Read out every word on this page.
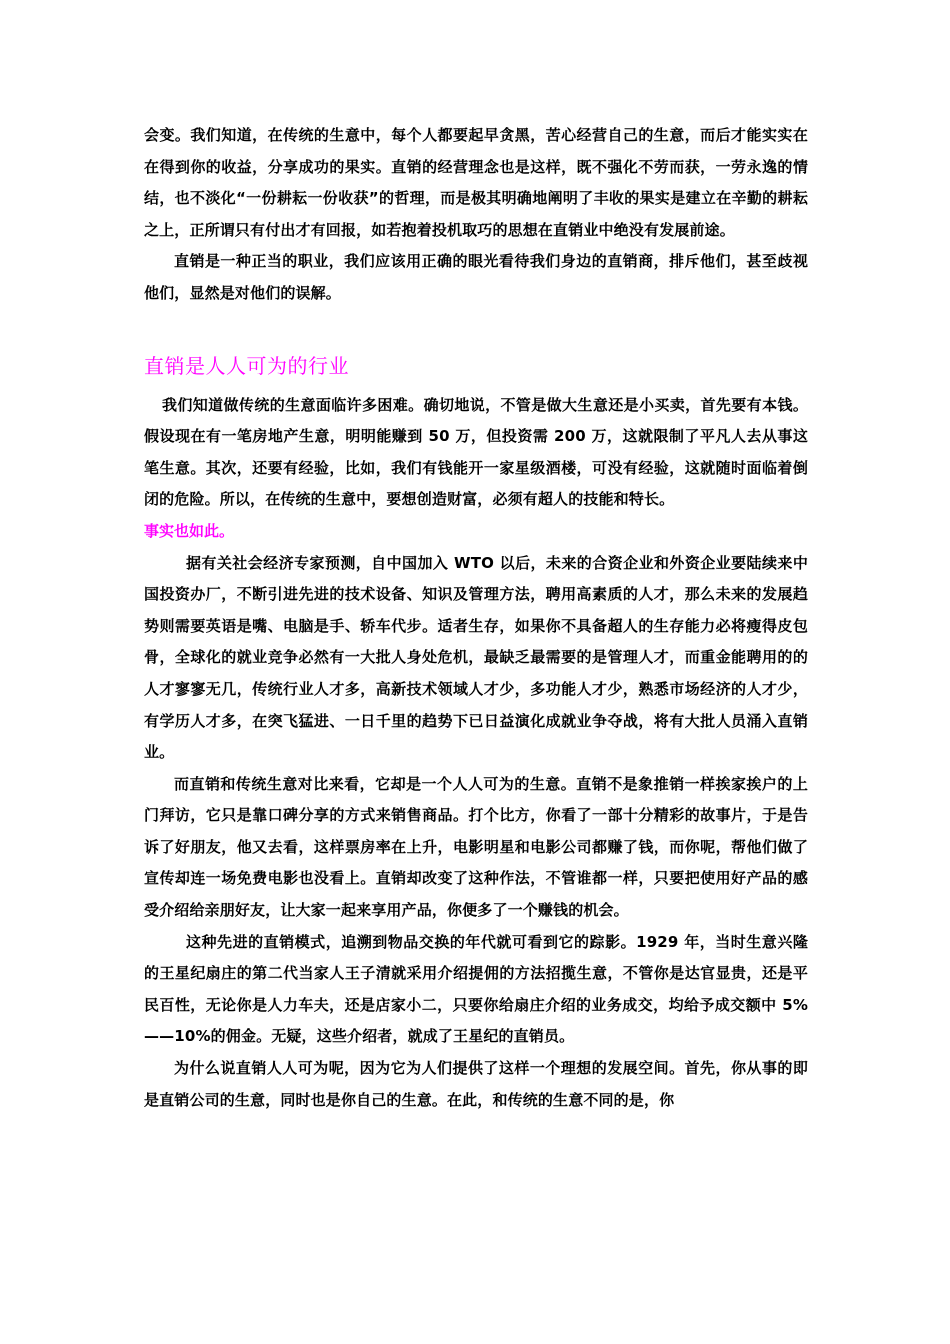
会变。我们知道，在传统的生意中，每个人都要起早贪黑，苦心经营自己的生意，而后才能实实在在得到你的收益，分享成功的果实。直销的经营理念也是这样，既不强化不劳而获，一劳永逸的情结，也不淡化“一份耕耘一份收获”的哲理，而是极其明确地阐明了丰收的果实是建立在辛勤的耕耘之上，正所谓只有付出才有回报，如若抱着投机取巧的思想在直销业中绝没有发展前途。

直销是一种正当的职业，我们应该用正确的眼光看待我们身边的直销商，排斥他们，甚至歧视他们，显然是对他们的误解。

直销是人人可为的行业

我们知道做传统的生意面临许多困难。确切地说，不管是做大生意还是小买卖，首先要有本钱。假设现在有一笔房地产生意，明明能赚到 50 万，但投资需 200 万，这就限制了平凡人去从事这笔生意。其次，还要有经验，比如，我们有钱能开一家星级酒楼，可没有经验，这就随时面临着倒闭的危险。所以，在传统的生意中，要想创造财富，必须有超人的技能和特长。

事实也如此。

据有关社会经济专家预测，自中国加入 WTO 以后，未来的合资企业和外资企业要陆续来中国投资办厂，不断引进先进的技术设备、知识及管理方法，聘用高素质的人才，那么未来的发展趋势则需要英语是嘴、电脑是手、轿车代步。适者生存，如果你不具备超人的生存能力必将瘦得皮包骨，全球化的就业竞争必然有一大批人身处危机，最缺乏最需要的是管理人才，而重金能聘用的的人才寥寥无几，传统行业人才多，高新技术领域人才少，多功能人才少，熟悉市场经济的人才少，有学历人才多，在突飞猛进、一日千里的趋势下已日益演化成就业争夺战，将有大批人员涌入直销业。

而直销和传统生意对比来看，它却是一个人人可为的生意。直销不是象推销一样挨家挨户的上门拜访，它只是靠口碑分享的方式来销售商品。打个比方，你看了一部十分精彩的故事片，于是告诉了好朋友，他又去看，这样票房率在上升，电影明星和电影公司都赚了钱，而你呢，帮他们做了宣传却连一场免费电影也没看上。直销却改变了这种作法，不管谁都一样，只要把使用好产品的感受介绍给亲朋好友，让大家一起来享用产品，你便多了一个赚钱的机会。

这种先进的直销模式，追溯到物品交换的年代就可看到它的踪影。1929 年，当时生意兴隆的王星纪扇庄的第二代当家人王子清就采用介绍提佣的方法招揽生意，不管你是达官显贵，还是平民百性，无论你是人力车夫，还是店家小二，只要你给扇庄介绍的业务成交，均给予成交额中 5%——10%的佣金。无疑，这些介绍者，就成了王星纪的直销员。

为什么说直销人人可为呢，因为它为人们提供了这样一个理想的发展空间。首先，你从事的即是直销公司的生意，同时也是你自己的生意。在此，和传统的生意不同的是，你
